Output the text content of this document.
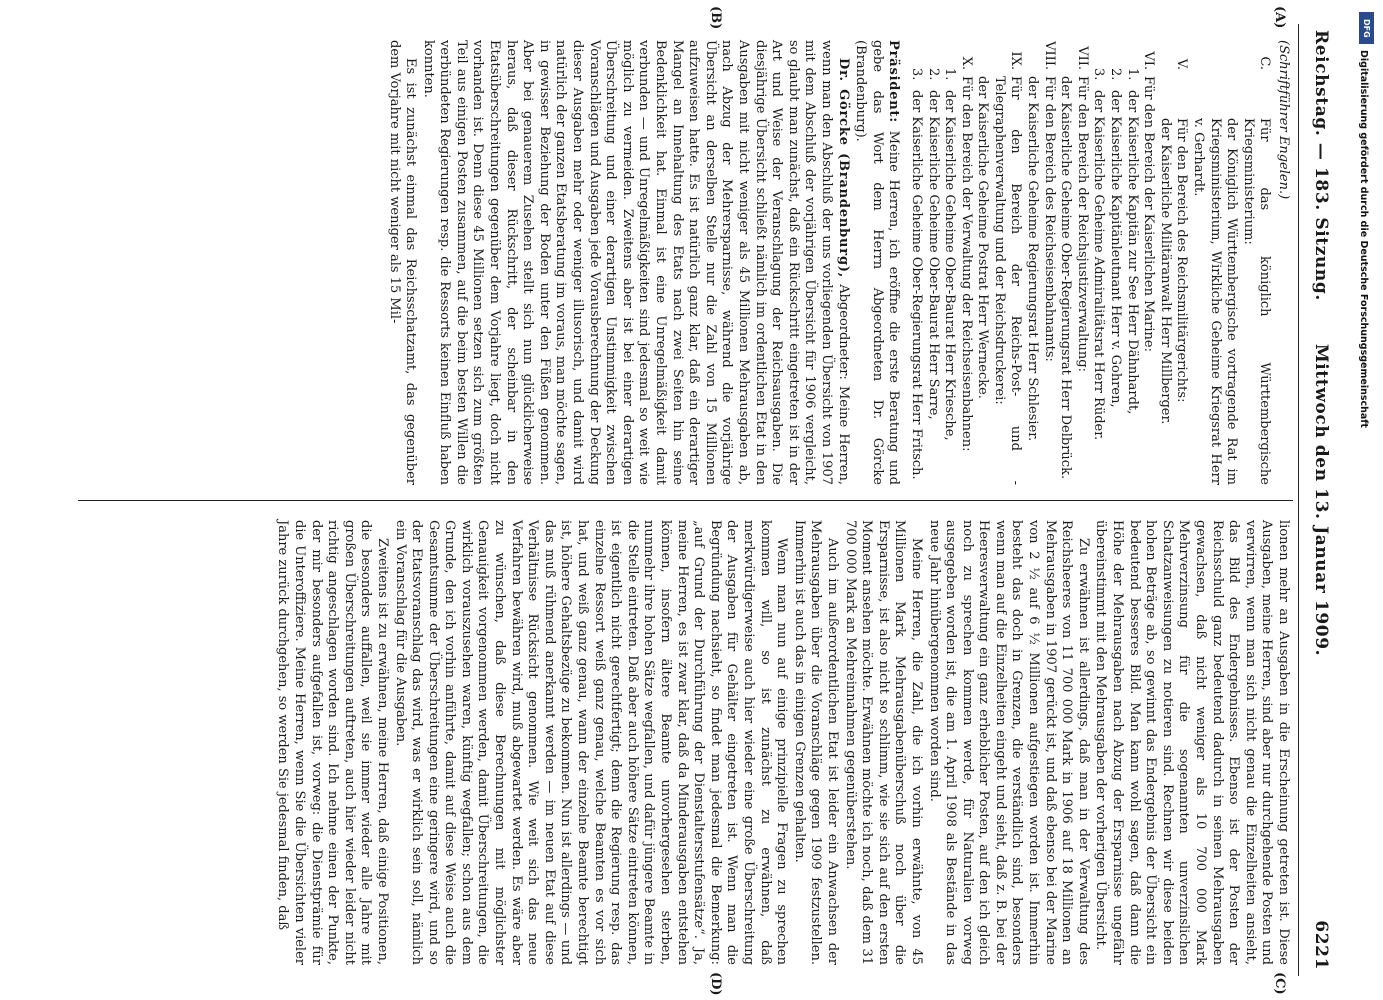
Reichstag. — 183. Sitzung.
Mittwoch den 13. Januar 1909.
6221
(A)
(B)
(C)
(D)
(Schriftführer Engelen.)
C.
Für das königlich Württembergische Kriegsministerium:
der Königlich Württembergische vortragende Rat im Kriegsministerium, Wirkliche Geheime Kriegsrat Herr v. Gerhardt.
V.
Für den Bereich des Reichsmilitärgerichts:
der Kaiserliche Militäranwalt Herr Millberger.
VI.
Für den Bereich der Kaiserlichen Marine:
1.
der Kaiserliche Kapitän zur See Herr Dähnhardt,
2.
der Kaiserliche Kapitänleutnant Herr v. Gohren,
3.
der Kaiserliche Geheime Admiralitätsrat Herr Rüder.
VII.
Für den Bereich der Reichsjustizverwaltung:
der Kaiserliche Geheime Ober-Regierungsrat Herr Delbrück.
VIII.
Für den Bereich des Reichseisenbahnamts:
der Kaiserliche Geheime Regierungsrat Herr Schlesier.
IX.
Für den Bereich der Reichs-Post- und -Telegraphenverwaltung und der Reichsdruckerei:
der Kaiserliche Geheime Postrat Herr Wernecke.
X.
Für den Bereich der Verwaltung der Reichseisenbahnen:
1.
der Kaiserliche Geheime Ober-Baurat Herr Kriesche,
2.
der Kaiserliche Geheime Ober-Baurat Herr Sarre,
3.
der Kaiserliche Geheime Ober-Regierungsrat Herr Fritsch.

Präsident: Meine Herren, ich eröffne die erste Beratung und gebe das Wort dem Herrn Abgeordneten Dr. Görcke (Brandenburg).

Dr. Görcke (Brandenburg), Abgeordneter: Meine Herren, wenn man den Abschluß der uns vorliegenden Übersicht von 1907 mit dem Abschluß der vorjährigen Übersicht für 1906 vergleicht, so glaubt man zunächst, daß ein Rückschritt eingetreten ist in der Art und Weise der Veranschlagung der Reichsausgaben. Die diesjährige Übersicht schließt nämlich im ordentlichen Etat in den Ausgaben mit nicht weniger als 45 Millionen Mehrausgaben ab, nach Abzug der Mehrersparnisse, während die vorjährige Übersicht an derselben Stelle nur die Zahl von 15 Millionen aufzuweisen hatte. Es ist natürlich ganz klar, daß ein derartiger Mangel an Innehaltung des Etats nach zwei Seiten hin seine Bedenklichkeit hat. Einmal ist eine Unregelmäßigkeit damit verbunden — und Unregelmäßigkeiten sind jedesmal so weit wie möglich zu vermeiden. Zweitens aber ist bei einer derartigen Überschreitung und einer derartigen Unstimmigkeit zwischen Voranschlägen und Ausgaben jede Vorausberechnung der Deckung dieser Ausgaben mehr oder weniger illusorisch, und damit wird natürlich der ganzen Etatsberatung im voraus, man möchte sagen, in gewisser Beziehung der Boden unter den Füßen genommen. Aber bei genauerem Zusehen stellt sich nun glücklicherweise heraus, daß dieser Rückschritt, der scheinbar in den Etatsüberschreitungen gegenüber dem Vorjahre liegt, doch nicht vorhanden ist. Denn diese 45 Millionen setzen sich zum größten Teil aus einigen Posten zusammen, auf die beim besten Willen die verbündeten Regierungen resp. die Ressorts keinen Einfluß haben konnten.

Es ist zunächst einmal das Reichsschatzamt, das gegenüber dem Vorjahre mit nicht weniger als 15 Mil-

lionen mehr an Ausgaben in die Erscheinung getreten ist. Diese Ausgaben, meine Herren, sind aber nur durchgehende Posten und verwirren, wenn man sich nicht genau die Einzelheiten ansieht, das Bild des Endergebnisses. Ebenso ist der Posten der Reichsschuld ganz bedeutend dadurch in seinen Mehrausgaben gewachsen, daß nicht weniger als 10 700 000 Mark Mehrverzinsung für die sogenannten unverzinslichen Schatzanweisungen zu notieren sind. Rechnen wir diese beiden hohen Beträge ab, so gewinnt das Endergebnis der Übersicht ein bedeutend besseres Bild. Man kann wohl sagen, daß dann die Höhe der Mehrausgaben nach Abzug der Ersparnisse ungefähr übereinstimmt mit den Mehrausgaben der vorherigen Übersicht.

Zu erwähnen ist allerdings, daß man in der Verwaltung des Reichsheeres von 11 700 000 Mark in 1906 auf 18 Millionen an Mehrausgaben in 1907 gerückt ist, und daß ebenso bei der Marine von 2 ½ auf 6 ½ Millionen aufgestiegen worden ist. Immerhin besteht das doch in Grenzen, die verständlich sind, besonders wenn man auf die Einzelheiten eingeht und sieht, daß z. B. bei der Heeresverwaltung ein ganz erheblicher Posten, auf den ich gleich noch zu sprechen kommen werde, für Naturalien vorweg ausgegeben worden ist, die am 1. April 1908 als Bestände in das neue Jahr hinübergenommen worden sind.

Meine Herren, die Zahl, die ich vorhin erwähnte, von 45 Millionen Mark Mehrausgabenüberschuß noch über die Ersparnisse, ist also nicht so schlimm, wie sie sich auf den ersten Moment ansehen möchte. Erwähnen möchte ich noch, daß dem 31 700 000 Mark an Mehreinnahmen gegenüberstehen.

Auch im außerordentlichen Etat ist leider ein Anwachsen der Mehrausgaben über die Voranschläge gegen 1909 festzustellen. Immerhin ist auch das in einigen Grenzen gehalten.

Wenn man nun auf einige prinzipielle Fragen zu sprechen kommen will, so ist zunächst zu erwähnen, daß merkwürdigerweise auch hier wieder eine große Überschreitung der Ausgaben für Gehälter eingetreten ist. Wenn man die Begründung nachsieht, so findet man jedesmal die Bemerkung: „auf Grund der Durchführung der Dienstaltersstufensätze“. Ja, meine Herren, es ist zwar klar, daß da Minderausgaben entstehen können, insofern ältere Beamte unvorhergesehen sterben, nunmehr ihre hohen Sätze wegfallen, und dafür jüngere Beamte in die Stelle eintreten. Daß aber auch höhere Sätze eintreten können, ist eigentlich nicht gerechtfertigt; denn die Regierung resp. das einzelne Ressort weiß ganz genau, welche Beamten es vor sich hat, und weiß ganz genau, wann der einzelne Beamte berechtigt ist, höhere Gehaltsbezüge zu bekommen. Nun ist allerdings — und das muß rühmend anerkannt werden — im neuen Etat auf diese Verhältnisse Rücksicht genommen. Wie weit sich das neue Verfahren bewähren wird, muß abgewartet werden. Es wäre aber zu wünschen, daß diese Berechnungen mit möglichster Genauigkeit vorgenommen werden, damit Überschreitungen, die wirklich vorauszusehen waren, künftig wegfallen; schon aus dem Grunde, den ich vorhin anführte, damit auf diese Weise auch die Gesamtsumme der Überschreitungen eine geringere wird, und so der Etatsvoranschlag das wird, was er wirklich sein soll, nämlich ein Voranschlag für die Ausgaben.

Zweitens ist zu erwähnen, meine Herren, daß einige Positionen, die besonders auffallen, weil sie immer wieder alle Jahre mit großen Überschreitungen auftreten, auch hier wieder leider nicht richtig angeschlagen worden sind. Ich nehme einen der Punkte, der mir besonders aufgefallen ist, vorweg: die Dienstprämie für die Unteroffiziere. Meine Herren, wenn Sie die Übersichten vieler Jahre zurück durchgehen, so werden Sie jedesmal finden, daß

DFG
Digitalisierung gefördert durch die Deutsche Forschungsgemeinschaft
